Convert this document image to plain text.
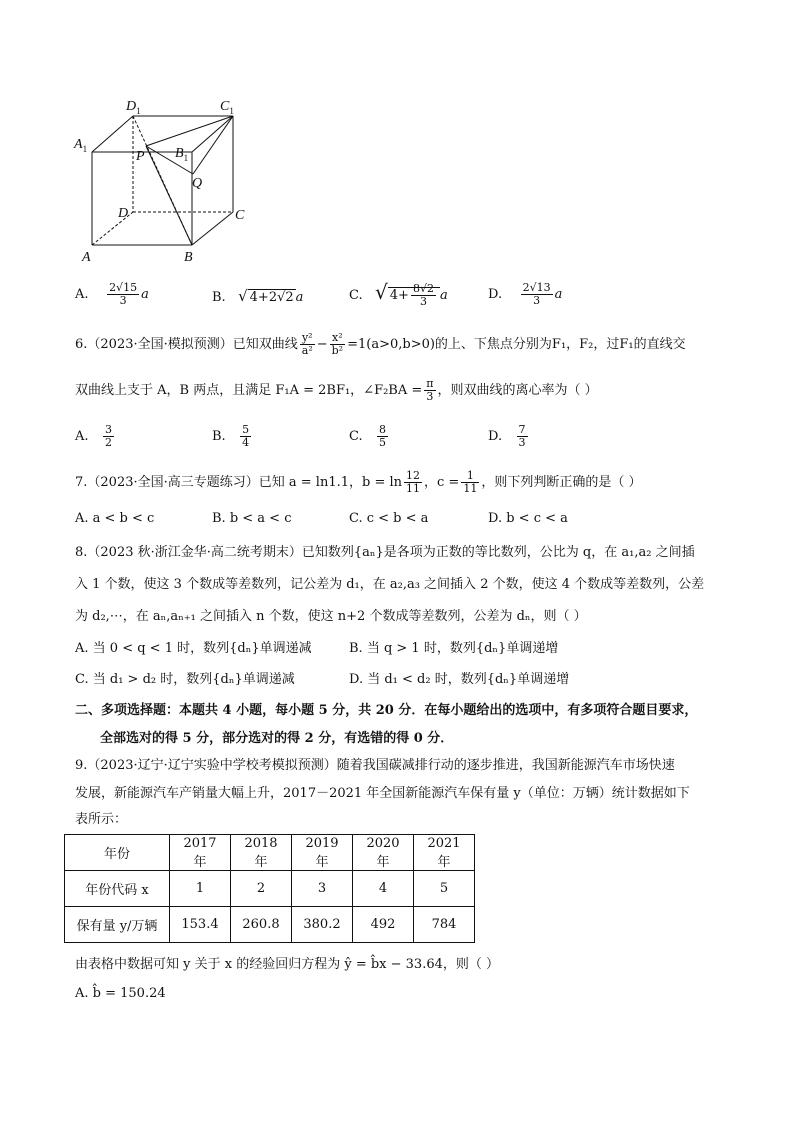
$D_1$	$C_1$
$A_1$	$B_1$
P
Q
D	C
A	B
A. $\frac{2√15}{3}$ a	B. √ 4+2√2 a	C. √ $4+ \frac{8√2}{3}$ a	D. $\frac{2√13}{3}$ a
6.（2023·全国·模拟预测）已知双曲线 $\frac{\text{y²}}{\text{a²}} - \frac{\text{x²}}{\text{b²}} =1(a>0,b>0)$的上、下焦点分别为F₁，F₂，过F₁的直线交
双曲线上支于 A，B 两点，且满足 F₁A = 2BF₁，∠F₂BA = $\frac{\pi}{3}$ ，则双曲线的离心率为（ ）
A. $\frac{3}{2}$	B. $\frac{5}{4}$	C. $\frac{8}{5}$	D. $\frac{7}{3}$
7.（2023·全国·高三专题练习）已知 a = ln1.1，$b = \ln \frac{12}{11}$ ，$c = \frac{1}{11}$ ，则下列判断正确的是（ ）
A. a < b < c	B. b < a < c	C. c < b < a	D. b < c < a
8.（2023 秋·浙江金华·高二统考期末）已知数列{aₙ}是各项为正数的等比数列，公比为 q，在 a₁,a₂ 之间插
入 1 个数，使这 3 个数成等差数列，记公差为 d₁，在 a₂,a₃ 之间插入 2 个数，使这 4 个数成等差数列，公差
为 d₂,⋯，在 aₙ,aₙ₊₁ 之间插入 n 个数，使这 n+2 个数成等差数列，公差为 dₙ，则（ ）
A. 当 0 < q < 1 时，数列{dₙ}单调递减	B. 当 q > 1 时，数列{dₙ}单调递增
C. 当 d₁ > d₂ 时，数列{dₙ}单调递减	D. 当 d₁ < d₂ 时，数列{dₙ}单调递增
二、多项选择题：本题共 4 小题，每小题 5 分，共 20 分．在每小题给出的选项中，有多项符合题目要求，
全部选对的得 5 分，部分选对的得 2 分，有选错的得 0 分．
9.（2023·辽宁·辽宁实验中学校考模拟预测）随着我国碳减排行动的逐步推进，我国新能源汽车市场快速
发展，新能源汽车产销量大幅上升，2017－2021 年全国新能源汽车保有量 y（单位：万辆）统计数据如下
表所示：
年份	2017 年	2018 年	2019 年	2020 年	2021 年
年份代码 x	1	2	3	4	5
保有量 y/万辆	153.4	260.8	380.2	492	784
由表格中数据可知 y 关于 x 的经验回归方程为 ŷ = b̂x − 33.64，则（ ）
A. b̂ = 150.24
